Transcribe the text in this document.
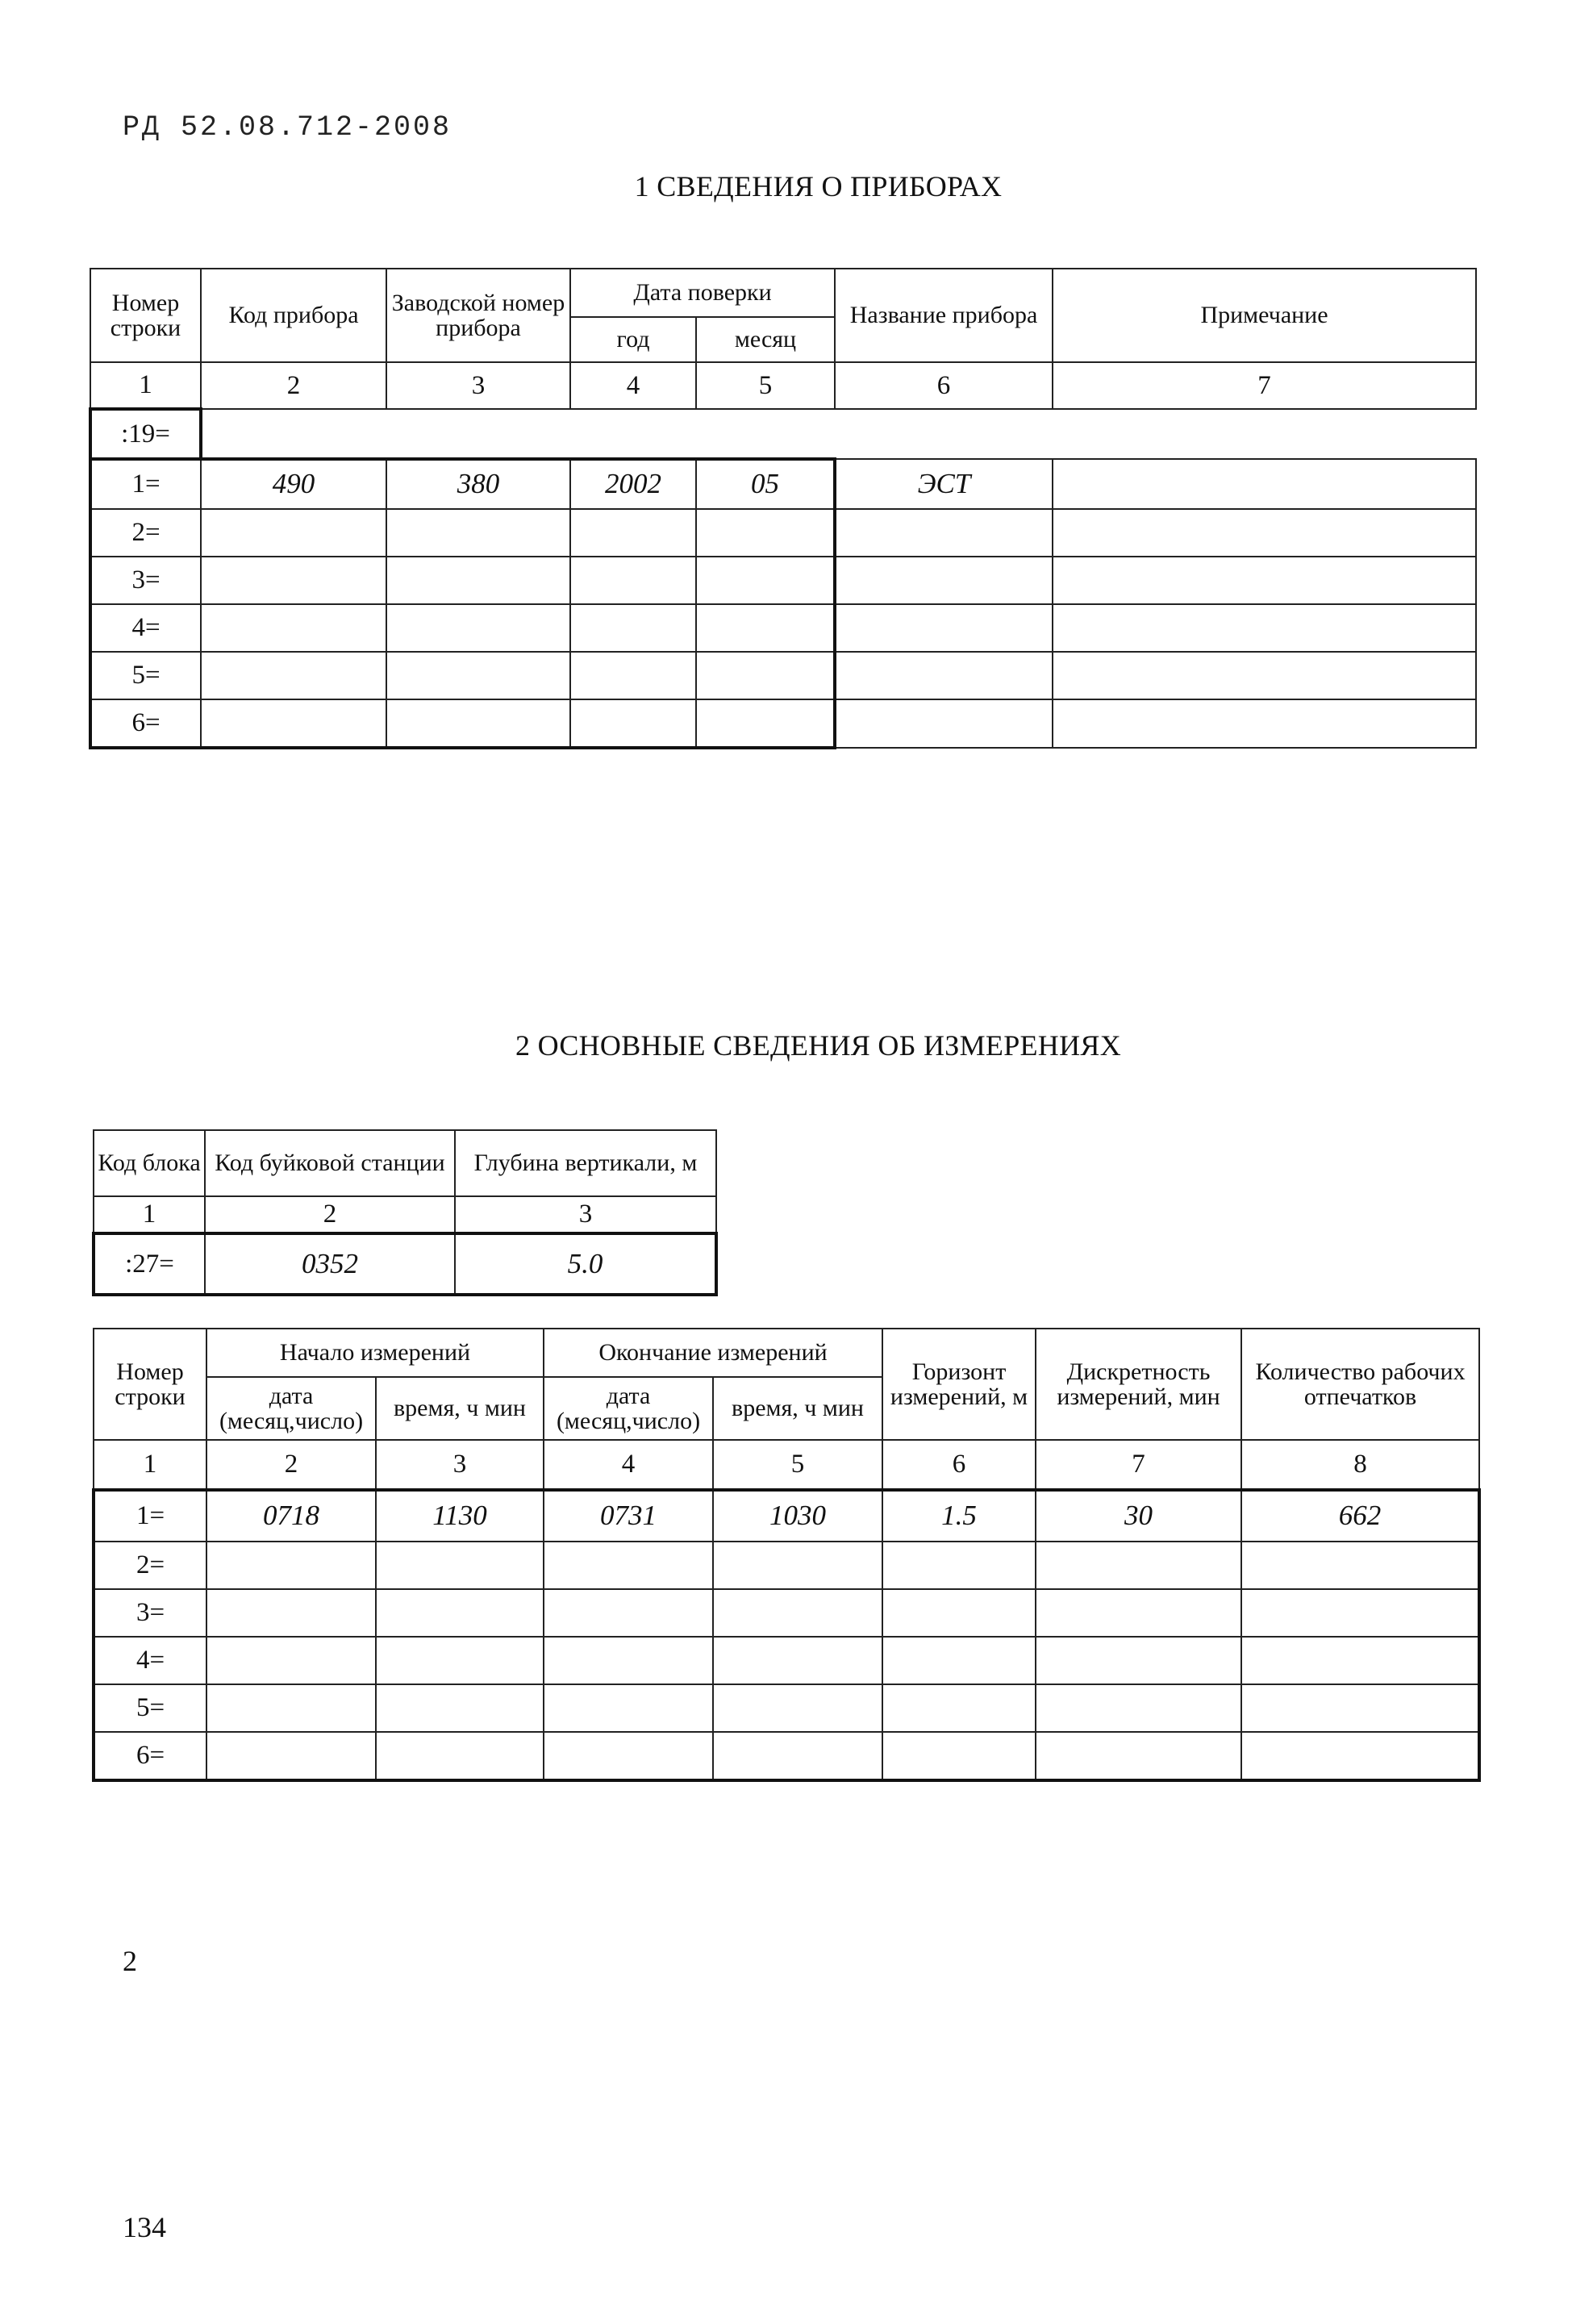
РД 52.08.712-2008
1 СВЕДЕНИЯ О ПРИБОРАХ
Номер строки	Код прибора	Заводской номер прибора	Дата поверки		Название прибора	Примечание
			год	месяц		
1	2	3	4	5	6	7
:19=						
1=	490	380	2002	05	ЭСТ	
2=						
3=						
4=						
5=						
6=						
2 ОСНОВНЫЕ СВЕДЕНИЯ ОБ ИЗМЕРЕНИЯХ
Код блока	Код буйковой станции	Глубина вертикали, м
1	2	3
:27=	0352	5.0
Номер строки	Начало измерений		Окончание измерений		Горизонт измерений, м	Дискретность измерений, мин	Количество рабочих отпечатков
	дата (месяц,число)	время, ч мин	дата (месяц,число)	время, ч мин			
1	2	3	4	5	6	7	8
1=	0718	1130	0731	1030	1.5	30	662
2=							
3=							
4=							
5=							
6=							
2
134
